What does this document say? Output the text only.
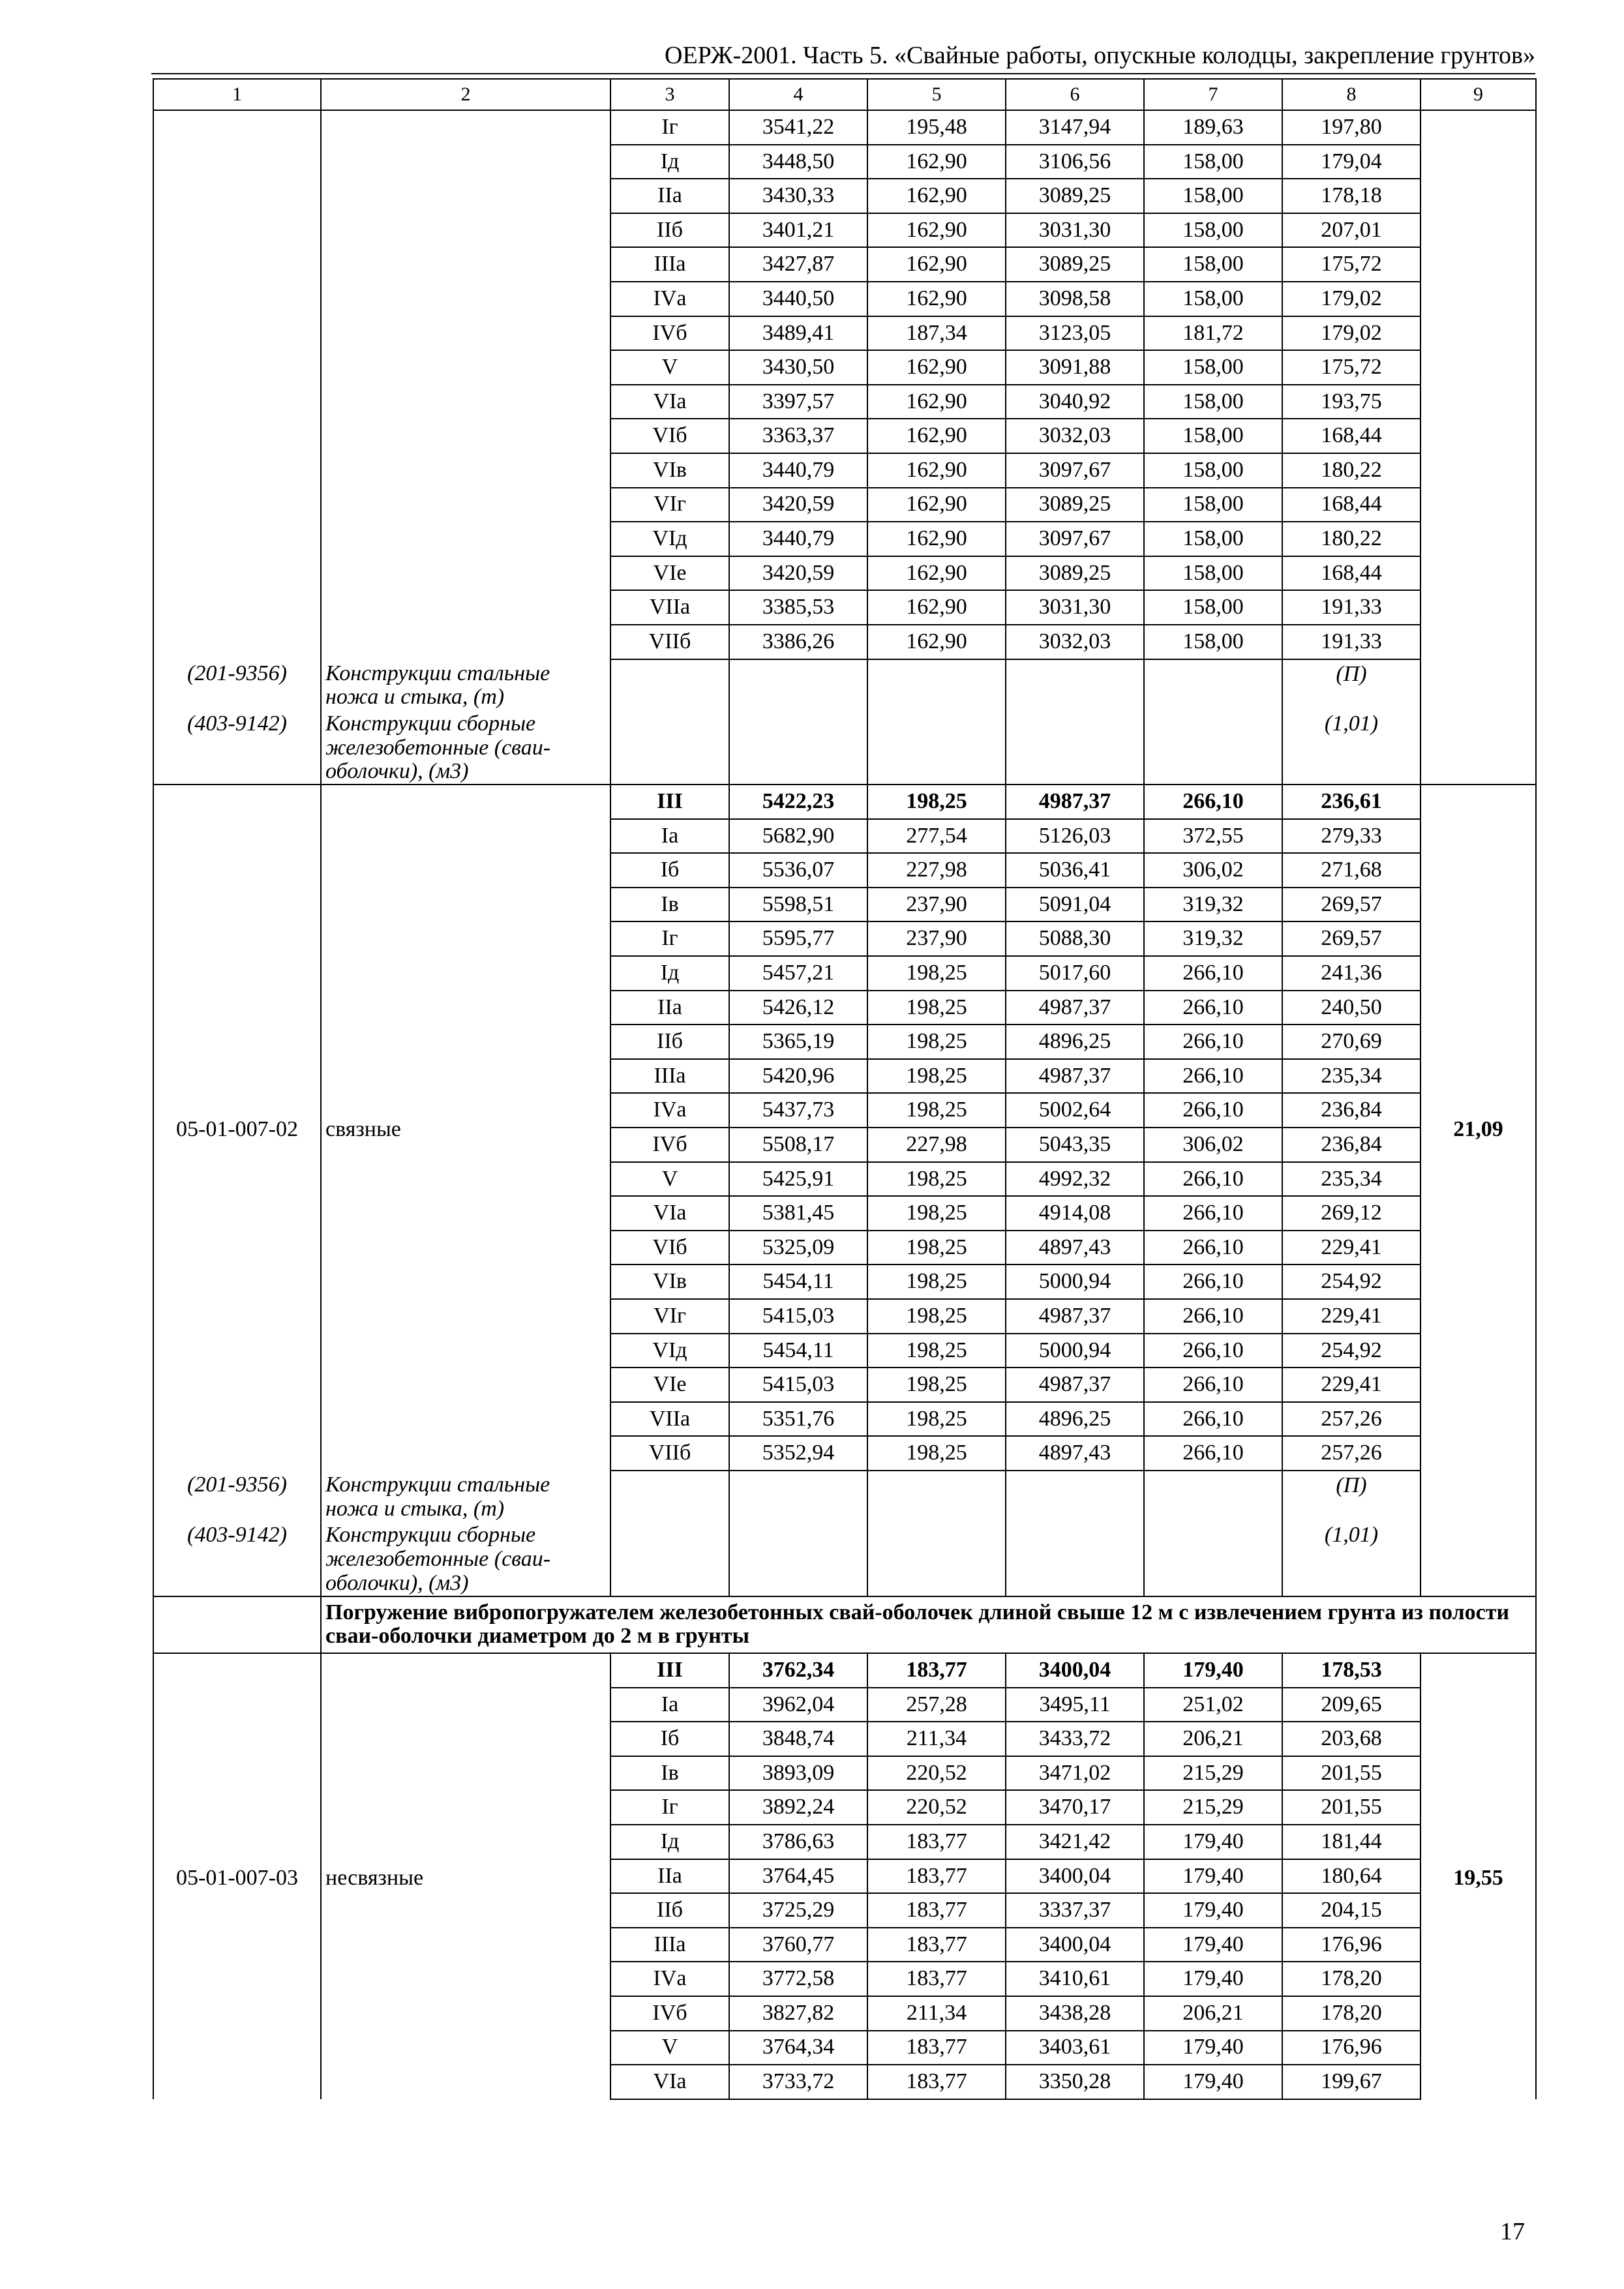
ОЕРЖ-2001. Часть 5. «Свайные работы, опускные колодцы, закрепление грунтов»
1	2	3	4	5	6	7	8	9
		Iг	3541,22	195,48	3147,94	189,63	197,80	
		Iд	3448,50	162,90	3106,56	158,00	179,04	
		IIа	3430,33	162,90	3089,25	158,00	178,18	
		IIб	3401,21	162,90	3031,30	158,00	207,01	
		IIIа	3427,87	162,90	3089,25	158,00	175,72	
		IVа	3440,50	162,90	3098,58	158,00	179,02	
		IVб	3489,41	187,34	3123,05	181,72	179,02	
		V	3430,50	162,90	3091,88	158,00	175,72	
		VIа	3397,57	162,90	3040,92	158,00	193,75	
		VIб	3363,37	162,90	3032,03	158,00	168,44	
		VIв	3440,79	162,90	3097,67	158,00	180,22	
		VIг	3420,59	162,90	3089,25	158,00	168,44	
		VIд	3440,79	162,90	3097,67	158,00	180,22	
		VIе	3420,59	162,90	3089,25	158,00	168,44	
		VIIа	3385,53	162,90	3031,30	158,00	191,33	
		VIIб	3386,26	162,90	3032,03	158,00	191,33	
(201-9356)	Конструкции стальные ножа и стыка, (т)						(П)	
(403-9142)	Конструкции сборные железобетонные (сваи-оболочки), (м3)						(1,01)	
05-01-007-02	связные	III	5422,23	198,25	4987,37	266,10	236,61	21,09
		Iа	5682,90	277,54	5126,03	372,55	279,33	
		Iб	5536,07	227,98	5036,41	306,02	271,68	
		Iв	5598,51	237,90	5091,04	319,32	269,57	
		Iг	5595,77	237,90	5088,30	319,32	269,57	
		Iд	5457,21	198,25	5017,60	266,10	241,36	
		IIа	5426,12	198,25	4987,37	266,10	240,50	
		IIб	5365,19	198,25	4896,25	266,10	270,69	
		IIIа	5420,96	198,25	4987,37	266,10	235,34	
		IVа	5437,73	198,25	5002,64	266,10	236,84	
		IVб	5508,17	227,98	5043,35	306,02	236,84	
		V	5425,91	198,25	4992,32	266,10	235,34	
		VIа	5381,45	198,25	4914,08	266,10	269,12	
		VIб	5325,09	198,25	4897,43	266,10	229,41	
		VIв	5454,11	198,25	5000,94	266,10	254,92	
		VIг	5415,03	198,25	4987,37	266,10	229,41	
		VIд	5454,11	198,25	5000,94	266,10	254,92	
		VIе	5415,03	198,25	4987,37	266,10	229,41	
		VIIа	5351,76	198,25	4896,25	266,10	257,26	
		VIIб	5352,94	198,25	4897,43	266,10	257,26	
(201-9356)	Конструкции стальные ножа и стыка, (т)						(П)	
(403-9142)	Конструкции сборные железобетонные (сваи-оболочки), (м3)						(1,01)	
	Погружение вибропогружателем железобетонных свай-оболочек длиной свыше 12 м с извлечением грунта из полости сваи-оболочки диаметром до 2 м в грунты							
05-01-007-03	несвязные	III	3762,34	183,77	3400,04	179,40	178,53	19,55
		Iа	3962,04	257,28	3495,11	251,02	209,65	
		Iб	3848,74	211,34	3433,72	206,21	203,68	
		Iв	3893,09	220,52	3471,02	215,29	201,55	
		Iг	3892,24	220,52	3470,17	215,29	201,55	
		Iд	3786,63	183,77	3421,42	179,40	181,44	
		IIа	3764,45	183,77	3400,04	179,40	180,64	
		IIб	3725,29	183,77	3337,37	179,40	204,15	
		IIIа	3760,77	183,77	3400,04	179,40	176,96	
		IVа	3772,58	183,77	3410,61	179,40	178,20	
		IVб	3827,82	211,34	3438,28	206,21	178,20	
		V	3764,34	183,77	3403,61	179,40	176,96	
		VIа	3733,72	183,77	3350,28	179,40	199,67	
17
